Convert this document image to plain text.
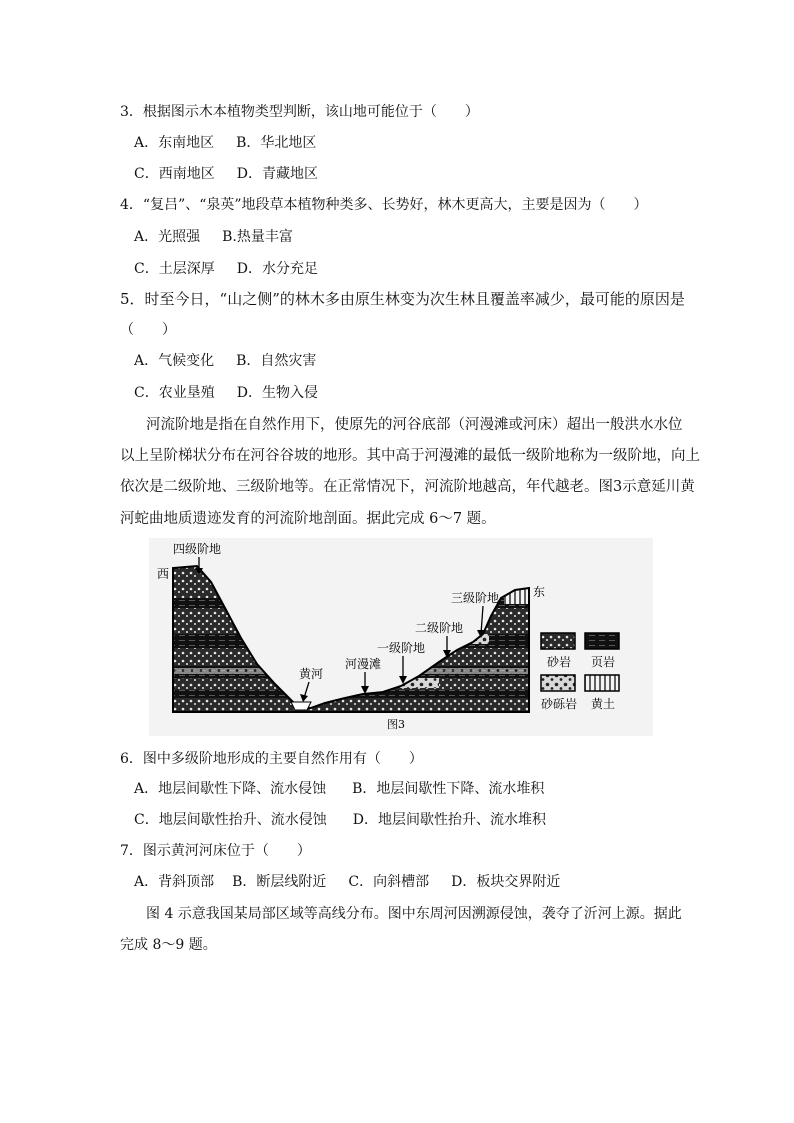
3．根据图示木本植物类型判断，该山地可能位于（　　）
A．东南地区 B．华北地区
C．西南地区 D．青藏地区
4．“复吕”、“泉英”地段草本植物种类多、长势好，林木更高大，主要是因为（　　）
A．光照强 B.热量丰富
C．土层深厚 D．水分充足
5．时至今日，“山之侧”的林木多由原生林变为次生林且覆盖率减少，最可能的原因是
（　　）
A．气候变化 B．自然灾害
C．农业垦殖 D．生物入侵
河流阶地是指在自然作用下，使原先的河谷底部（河漫滩或河床）超出一般洪水水位
以上呈阶梯状分布在河谷谷坡的地形。其中高于河漫滩的最低一级阶地称为一级阶地，向上
依次是二级阶地、三级阶地等。在正常情况下，河流阶地越高，年代越老。图3示意延川黄
河蛇曲地质遗迹发育的河流阶地剖面。据此完成 6～7 题。
四级阶地
西
东
三级阶地
二级阶地
一级阶地
河漫滩
黄河
图3
砂岩 页岩
砂砾岩 黄土
6．图中多级阶地形成的主要自然作用有（　　）
A．地层间歇性下降、流水侵蚀 B．地层间歇性下降、流水堆积
C．地层间歇性抬升、流水侵蚀 D．地层间歇性抬升、流水堆积
7．图示黄河河床位于（　　）
A．背斜顶部 B．断层线附近 C．向斜槽部 D．板块交界附近
图 4 示意我国某局部区域等高线分布。图中东周河因溯源侵蚀，袭夺了沂河上源。据此
完成 8～9 题。
